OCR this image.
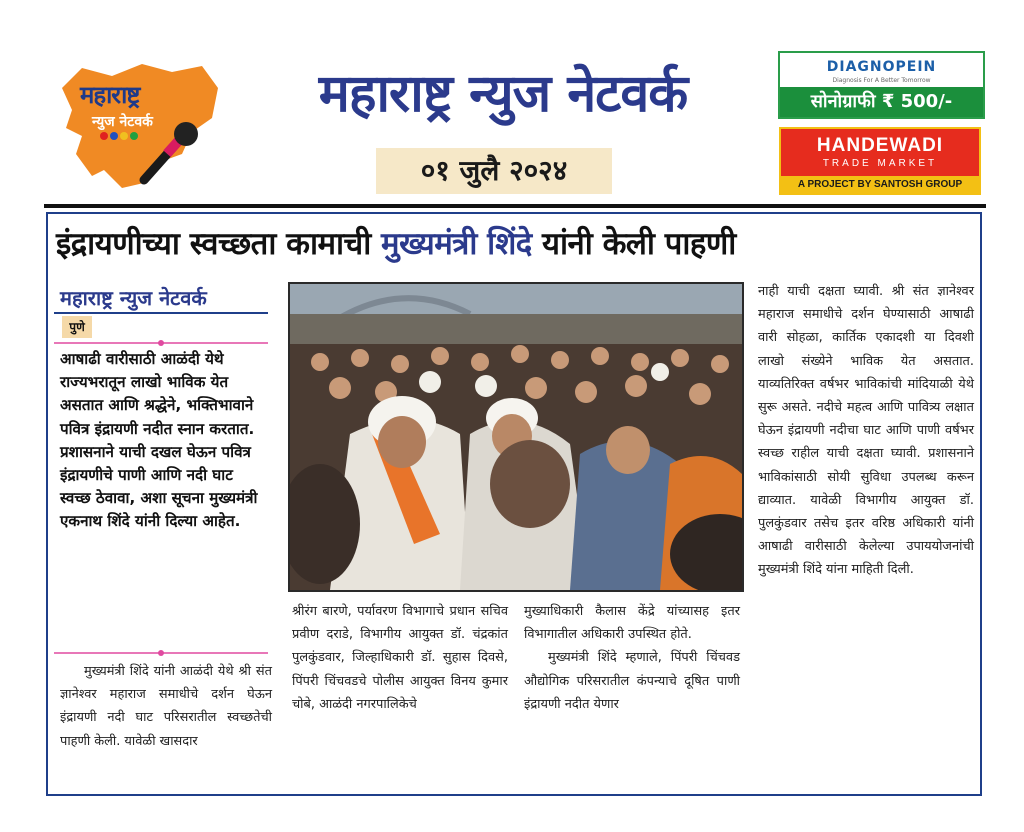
महाराष्ट्र
न्युज नेटवर्क	महाराष्ट्र न्युज नेटवर्क
०१ जुलै २०२४
DIAGNOPEIN
Diagnosis For A Better Tomorrow
सोनोग्राफी ₹ 500/-
HANDEWADI
TRADE MARKET
A PROJECT BY SANTOSH GROUP
इंद्रायणीच्या स्वच्छता कामाची मुख्यमंत्री शिंदे यांनी केली पाहणी
महाराष्ट्र न्युज नेटवर्क
पुणे
आषाढी वारीसाठी आळंदी येथे राज्यभरातून लाखो भाविक येत असतात आणि श्रद्धेने, भक्तिभावाने पवित्र इंद्रायणी नदीत स्नान करतात. प्रशासनाने याची दखल घेऊन पवित्र इंद्रायणीचे पाणी आणि नदी घाट स्वच्छ ठेवावा, अशा सूचना मुख्यमंत्री एकनाथ शिंदे यांनी दिल्या आहेत.

मुख्यमंत्री शिंदे यांनी आळंदी येथे श्री संत ज्ञानेश्वर महाराज समाधीचे दर्शन घेऊन इंद्रायणी नदी घाट परिसरातील स्वच्छतेची पाहणी केली. यावेळी खासदार

श्रीरंग बारणे, पर्यावरण विभागाचे प्रधान सचिव प्रवीण दराडे, विभागीय आयुक्त डॉ. चंद्रकांत पुलकुंडवार, जिल्हाधिकारी डॉ. सुहास दिवसे, पिंपरी चिंचवडचे पोलीस आयुक्त विनय कुमार चोबे, आळंदी नगरपालिकेचे

मुख्याधिकारी कैलास केंद्रे यांच्यासह इतर विभागातील अधिकारी उपस्थित होते.

मुख्यमंत्री शिंदे म्हणाले, पिंपरी चिंचवड औद्योगिक परिसरातील कंपन्याचे दूषित पाणी इंद्रायणी नदीत येणार

नाही याची दक्षता घ्यावी. श्री संत ज्ञानेश्वर महाराज समाधीचे दर्शन घेण्यासाठी आषाढी वारी सोहळा, कार्तिक एकादशी या दिवशी लाखो संख्येने भाविक येत असतात. याव्यतिरिक्त वर्षभर भाविकांची मांदियाळी येथे सुरू असते. नदीचे महत्व आणि पावित्र्य लक्षात घेऊन इंद्रायणी नदीचा घाट आणि पाणी वर्षभर स्वच्छ राहील याची दक्षता घ्यावी. प्रशासनाने भाविकांसाठी सोयी सुविधा उपलब्ध करून द्याव्यात. यावेळी विभागीय आयुक्त डॉ. पुलकुंडवार तसेच इतर वरिष्ठ अधिकारी यांनी आषाढी वारीसाठी केलेल्या उपाययोजनांची मुख्यमंत्री शिंदे यांना माहिती दिली.
